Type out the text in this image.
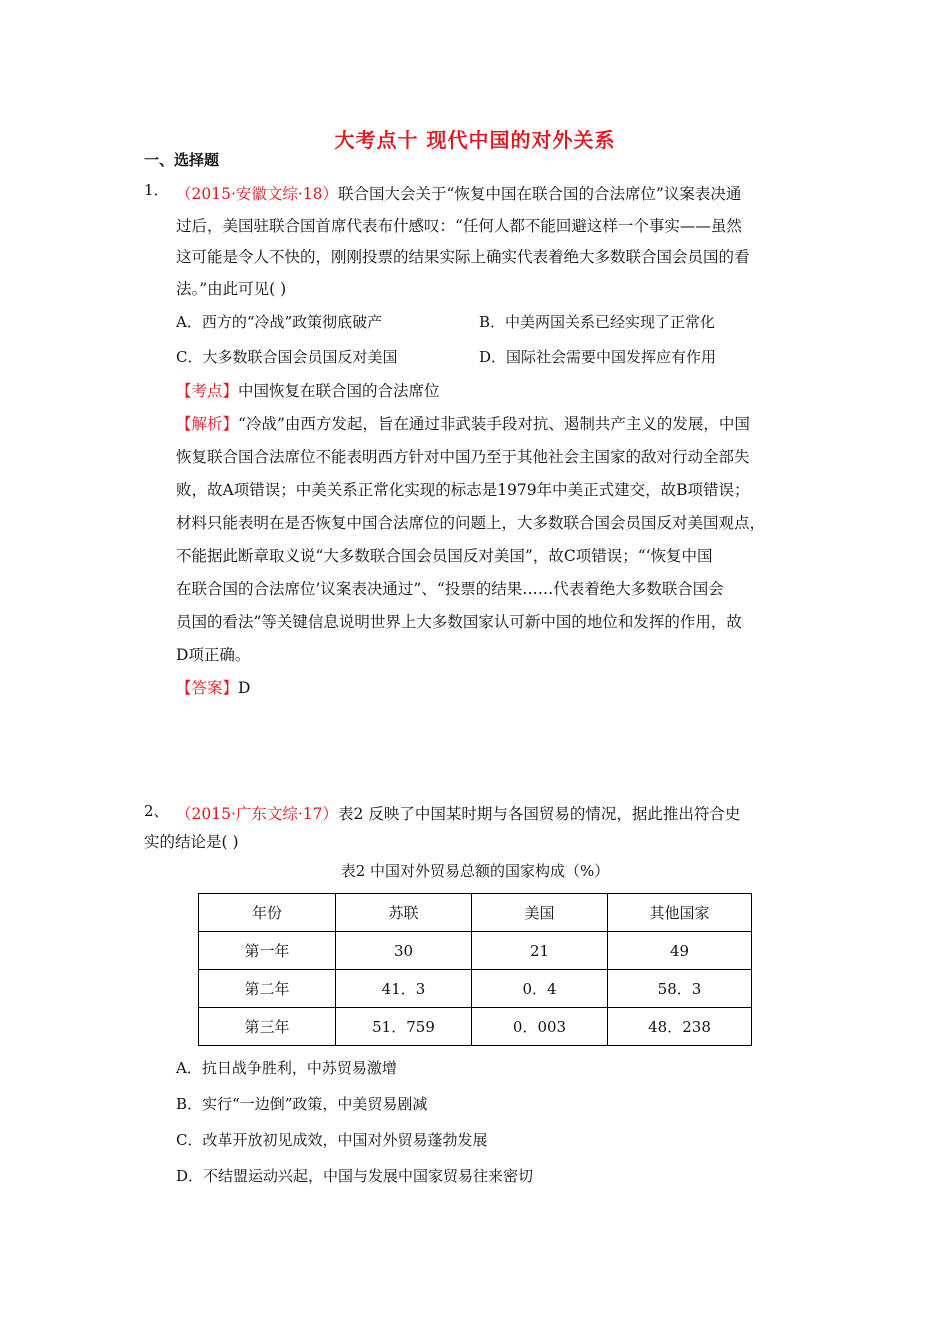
大考点十 现代中国的对外关系
一、选择题
1． （2015·安徽文综·18）联合国大会关于“恢复中国在联合国的合法席位”议案表决通
过后，美国驻联合国首席代表布什感叹：“任何人都不能回避这样一个事实——虽然
这可能是令人不快的，刚刚投票的结果实际上确实代表着绝大多数联合国会员国的看
法。”由此可见( )
A．西方的“冷战”政策彻底破产	B．中美两国关系已经实现了正常化
C．大多数联合国会员国反对美国	D．国际社会需要中国发挥应有作用
【考点】中国恢复在联合国的合法席位
【解析】“冷战”由西方发起，旨在通过非武装手段对抗、遏制共产主义的发展，中国
恢复联合国合法席位不能表明西方针对中国乃至于其他社会主国家的敌对行动全部失
败，故A项错误；中美关系正常化实现的标志是1979年中美正式建交，故B项错误；
材料只能表明在是否恢复中国合法席位的问题上，大多数联合国会员国反对美国观点，
不能据此断章取义说“大多数联合国会员国反对美国”，故C项错误；“‘恢复中国
在联合国的合法席位’议案表决通过”、“投票的结果……代表着绝大多数联合国会
员国的看法”等关键信息说明世界上大多数国家认可新中国的地位和发挥的作用，故
D项正确。
【答案】D
2、 （2015·广东文综·17）表2 反映了中国某时期与各国贸易的情况，据此推出符合史
实的结论是( )
表2 中国对外贸易总额的国家构成（%）
年份	苏联	美国	其他国家
第一年	30	21	49
第二年	41．3	0．4	58．3
第三年	51．759	0．003	48．238
A．抗日战争胜利，中苏贸易激增
B．实行“一边倒”政策，中美贸易剧减
C．改革开放初见成效，中国对外贸易蓬勃发展
D．不结盟运动兴起，中国与发展中国家贸易往来密切
